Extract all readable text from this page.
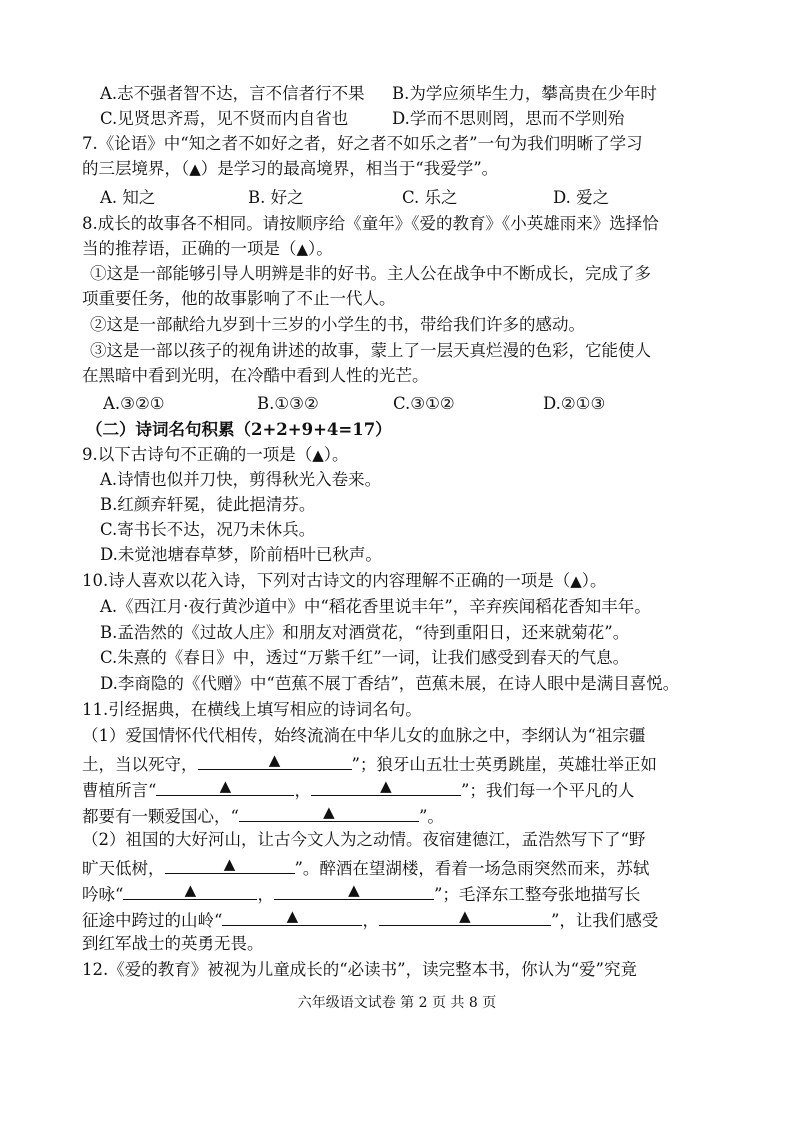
A.志不强者智不达，言不信者行不果 B.为学应须毕生力，攀高贵在少年时
C.见贤思齐焉，见不贤而内自省也	D.学而不思则罔，思而不学则殆
7.《论语》中“知之者不如好之者，好之者不如乐之者”一句为我们明晰了学习
的三层境界，（▲）是学习的最高境界，相当于“我爱学”。
A. 知之	B. 好之	C. 乐之	D. 爱之
8.成长的故事各不相同。请按顺序给《童年》《爱的教育》《小英雄雨来》选择恰
当的推荐语，正确的一项是（▲）。
①这是一部能够引导人明辨是非的好书。主人公在战争中不断成长，完成了多
项重要任务，他的故事影响了不止一代人。
②这是一部献给九岁到十三岁的小学生的书，带给我们许多的感动。
③这是一部以孩子的视角讲述的故事，蒙上了一层天真烂漫的色彩，它能使人
在黑暗中看到光明，在冷酷中看到人性的光芒。
A.③②①	B.①③②	C.③①②	D.②①③
（二）诗词名句积累（2+2+9+4=17）
9.以下古诗句不正确的一项是（▲）。
A.诗情也似并刀快，剪得秋光入卷来。
B.红颜弃轩冕，徒此挹清芬。
C.寄书长不达，况乃未休兵。
D.未觉池塘春草梦，阶前梧叶已秋声。
10.诗人喜欢以花入诗，下列对古诗文的内容理解不正确的一项是（▲）。
A.《西江月·夜行黄沙道中》中“稻花香里说丰年”，辛弃疾闻稻花香知丰年。
B.孟浩然的《过故人庄》和朋友对酒赏花，“待到重阳日，还来就菊花”。
C.朱熹的《春日》中，透过“万紫千红”一词，让我们感受到春天的气息。
D.李商隐的《代赠》中“芭蕉不展丁香结”，芭蕉未展，在诗人眼中是满目喜悦。
11.引经据典，在横线上填写相应的诗词名句。
（1）爱国情怀代代相传，始终流淌在中华儿女的血脉之中，李纲认为“祖宗疆
土，当以死守，	▲	”；狼牙山五壮士英勇跳崖，英雄壮举正如
曹植所言“	▲	，	▲	”；我们每一个平凡的人
都要有一颗爱国心，“	▲	”。
（2）祖国的大好河山，让古今文人为之动情。夜宿建德江，孟浩然写下了“野
旷天低树，	▲	”。醉酒在望湖楼，看着一场急雨突然而来，苏轼
吟咏“	▲	，	▲	”；毛泽东工整夸张地描写长
征途中跨过的山岭“	▲	，	▲	”，让我们感受
到红军战士的英勇无畏。
12.《爱的教育》被视为儿童成长的“必读书”，读完整本书，你认为“爱”究竟
六年级语文试卷 第 2 页 共 8 页
